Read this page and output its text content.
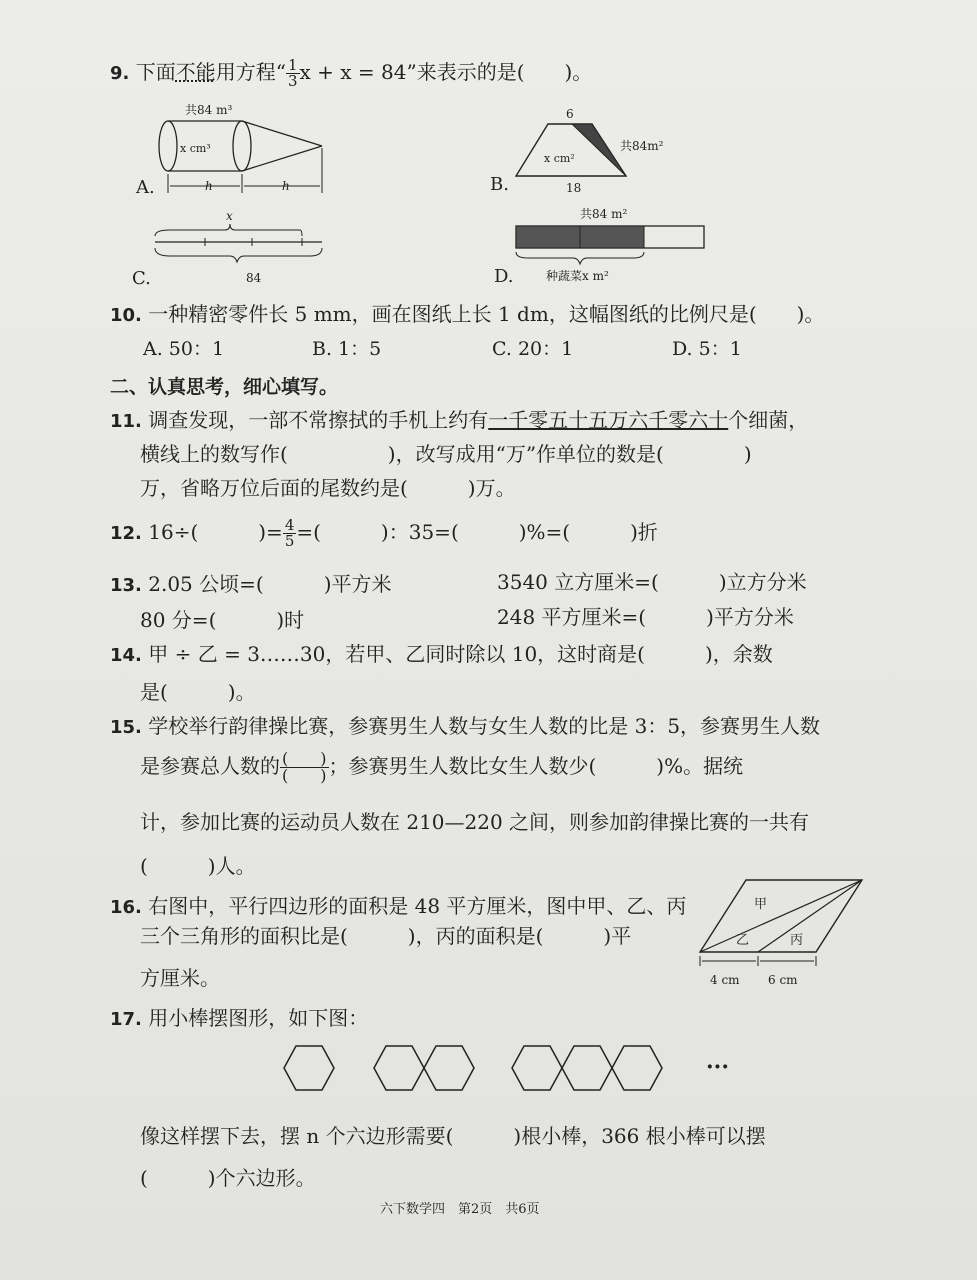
9. 下面不能用方程“ $\frac{1}{3}$ x + x = 84”来表示的是(　　)。
A.
共84 m³
x cm³
h	h	B.
6
x cm²
共84m²
18
C.
x
84	D.
共84 m²
种蔬菜x m²
10. 一种精密零件长 5 mm，画在图纸上长 1 dm，这幅图纸的比例尺是(　　)。
A. 50：1	B. 1：5	C. 20：1	D. 5：1
二、认真思考，细心填写。
11. 调查发现，一部不常擦拭的手机上约有一千零五十五万六千零六十个细菌，
横线上的数写作(　　　　　)，改写成用“万”作单位的数是(　　　　)
万，省略万位后面的尾数约是(　　　)万。
12. 16÷(　　　)= $\frac{4}{5}$ =(　　　)：35=(　　　)%=(　　　)折
13. 2.05 公顷=(　　　)平方米	3540 立方厘米=(　　　)立方分米
80 分=(　　　)时	248 平方厘米=(　　　)平方分米
14. 甲 ÷ 乙 = 3……30，若甲、乙同时除以 10，这时商是(　　　)，余数
是(　　　)。
15. 学校举行韵律操比赛，参赛男生人数与女生人数的比是 3：5，参赛男生人数
是参赛总人数的 $\frac{( )}{( )}$ ；参赛男生人数比女生人数少(　　　)%。据统
计，参加比赛的运动员人数在 210—220 之间，则参加韵律操比赛的一共有
(　　　)人。
16. 右图中，平行四边形的面积是 48 平方厘米，图中甲、乙、丙
三个三角形的面积比是(　　　)，丙的面积是(　　　)平
方厘米。
甲
乙	丙
4 cm 6 cm
17. 用小棒摆图形，如下图：
···
像这样摆下去，摆 n 个六边形需要(　　　)根小棒，366 根小棒可以摆
(　　　)个六边形。
六下数学四　第2页　共6页
